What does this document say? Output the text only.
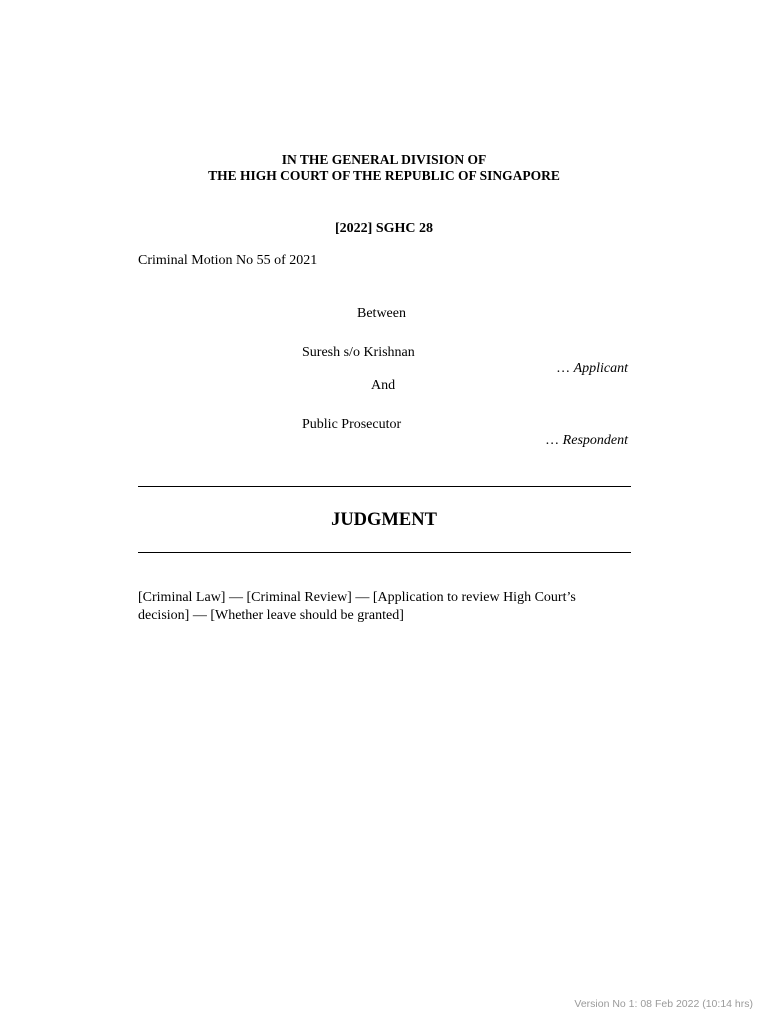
IN THE GENERAL DIVISION OF
THE HIGH COURT OF THE REPUBLIC OF SINGAPORE
[2022] SGHC 28
Criminal Motion No 55 of 2021
Between
Suresh s/o Krishnan
… Applicant
And
Public Prosecutor
… Respondent
JUDGMENT
[Criminal Law] — [Criminal Review] — [Application to review High Court’s
decision] — [Whether leave should be granted]
Version No 1: 08 Feb 2022 (10:14 hrs)
